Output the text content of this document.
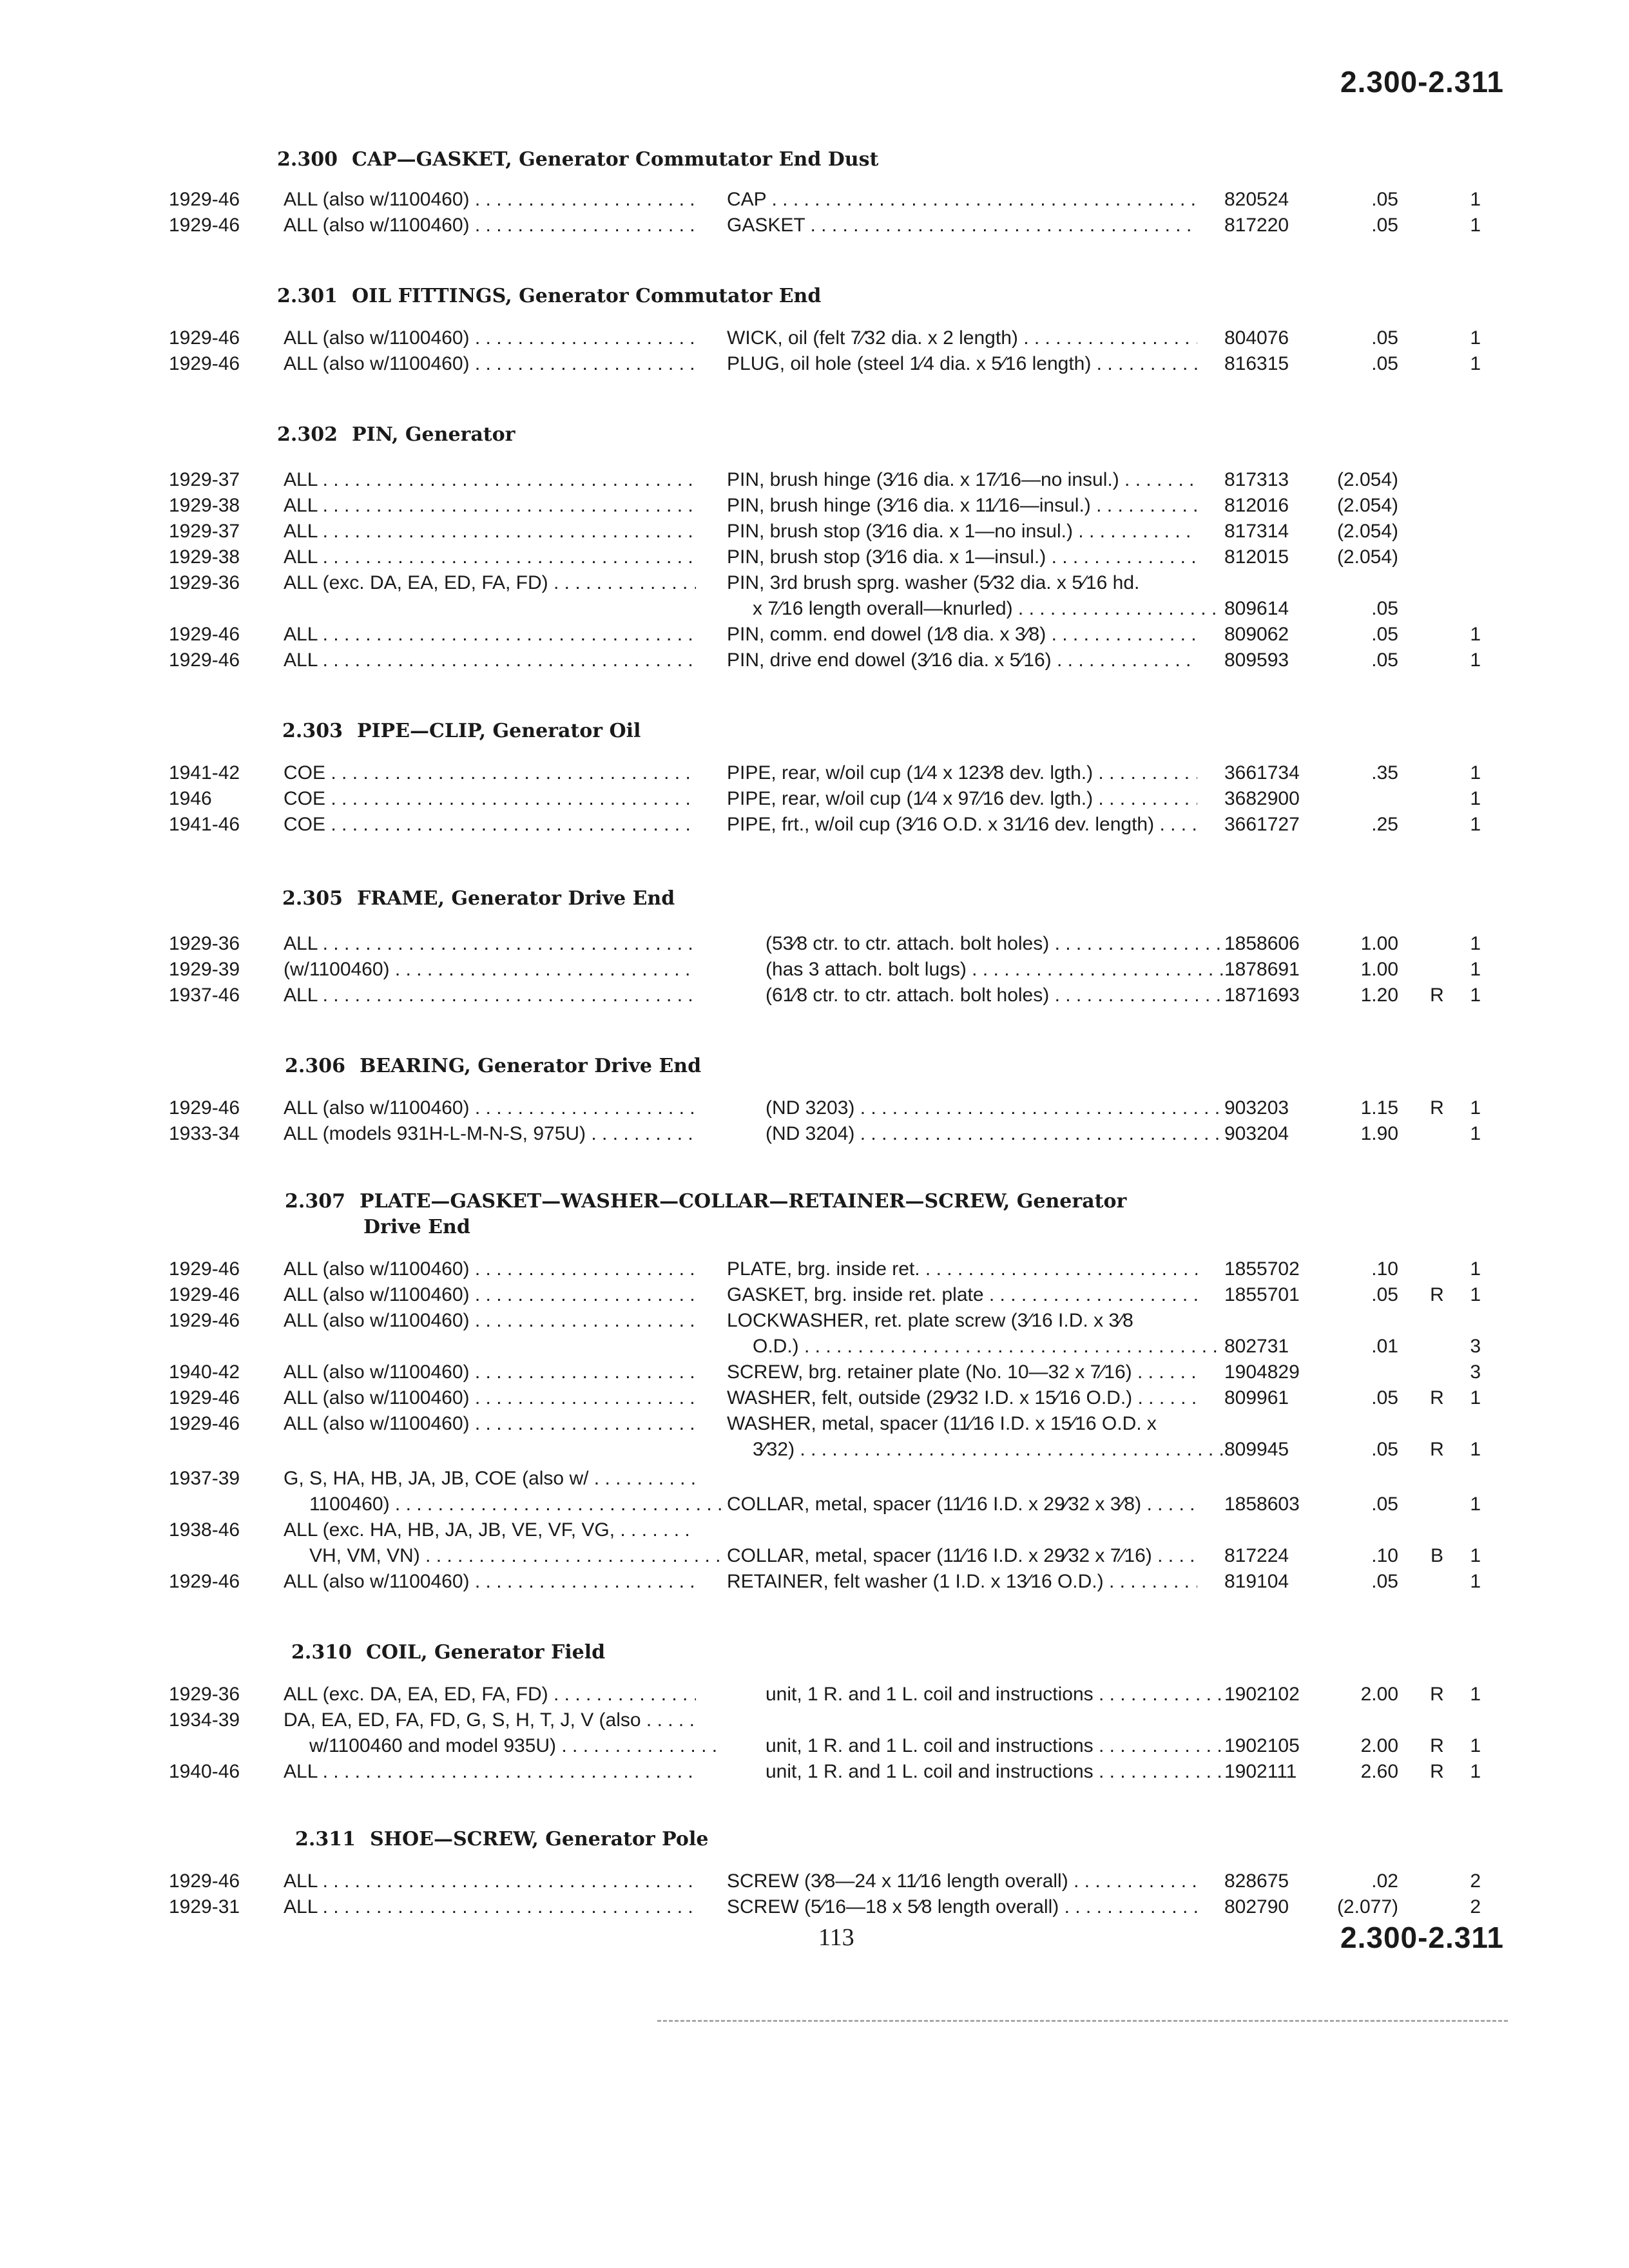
2.300-2.311
2.300 CAP—GASKET, Generator Commutator End Dust
1929-46	ALL (also w/1100460) . . .	CAP . . .	820524	.05	1
1929-46	ALL (also w/1100460) . . .	GASKET . . .	817220	.05	1
2.301 OIL FITTINGS, Generator Commutator End
1929-46	ALL (also w/1100460) . . .	WICK, oil (felt 7⁄32 dia. x 2 length) . . .	804076	.05	1
1929-46	ALL (also w/1100460) . . .	PLUG, oil hole (steel 1⁄4 dia. x 5⁄16 length) . . .	816315	.05	1
2.302 PIN, Generator
1929-37	ALL . . .	PIN, brush hinge (3⁄16 dia. x 17⁄16—no insul.) . . .	817313	(2.054)
1929-38	ALL . . .	PIN, brush hinge (3⁄16 dia. x 11⁄16—insul.) . . .	812016	(2.054)
1929-37	ALL . . .	PIN, brush stop (3⁄16 dia. x 1—no insul.) . . .	817314	(2.054)
1929-38	ALL . . .	PIN, brush stop (3⁄16 dia. x 1—insul.) . . .	812015	(2.054)
1929-36	ALL (exc. DA, EA, ED, FA, FD) . . .	PIN, 3rd brush sprg. washer (5⁄32 dia. x 5⁄16 hd.
x 7⁄16 length overall—knurled) . . .	809614	.05
1929-46	ALL . . .	PIN, comm. end dowel (1⁄8 dia. x 3⁄8) . . .	809062	.05	1
1929-46	ALL . . .	PIN, drive end dowel (3⁄16 dia. x 5⁄16) . . .	809593	.05	1
2.303 PIPE—CLIP, Generator Oil
1941-42	COE . . .	PIPE, rear, w/oil cup (1⁄4 x 123⁄8 dev. lgth.) . . .	3661734	.35	1
1946	COE . . .	PIPE, rear, w/oil cup (1⁄4 x 97⁄16 dev. lgth.) . . .	3682900	1
1941-46	COE . . .	PIPE, frt., w/oil cup (3⁄16 O.D. x 31⁄16 dev. length) . . .	3661727	.25	1
2.305 FRAME, Generator Drive End
1929-36	ALL . . .	(53⁄8 ctr. to ctr. attach. bolt holes) . . .	1858606	1.00	1
1929-39	(w/1100460) . . .	(has 3 attach. bolt lugs) . . .	1878691	1.00	1
1937-46	ALL . . .	(61⁄8 ctr. to ctr. attach. bolt holes) . . .	1871693	1.20 R	1
2.306 BEARING, Generator Drive End
1929-46	ALL (also w/1100460) . . .	(ND 3203) . . .	903203	1.15 R	1
1933-34	ALL (models 931H-L-M-N-S, 975U) . . .	(ND 3204) . . .	903204	1.90	1
2.307 PLATE—GASKET—WASHER—COLLAR—RETAINER—SCREW, Generator
Drive End
1929-46	ALL (also w/1100460) . . .	PLATE, brg. inside ret. . . .	1855702	.10	1
1929-46	ALL (also w/1100460) . . .	GASKET, brg. inside ret. plate . . .	1855701	.05 R	1
1929-46	ALL (also w/1100460) . . .	LOCKWASHER, ret. plate screw (3⁄16 I.D. x 3⁄8
O.D.) . . .	802731	.01	3
1940-42	ALL (also w/1100460) . . .	SCREW, brg. retainer plate (No. 10—32 x 7⁄16) . . .	1904829	3
1929-46	ALL (also w/1100460) . . .	WASHER, felt, outside (29⁄32 I.D. x 15⁄16 O.D.) . . .	809961	.05 R	1
1929-46	ALL (also w/1100460) . . .	WASHER, metal, spacer (11⁄16 I.D. x 15⁄16 O.D. x
3⁄32) . . .	809945	.05 R	1
1937-39	G, S, HA, HB, JA, JB, COE (also w/ . . .
1100460) . . .	COLLAR, metal, spacer (11⁄16 I.D. x 29⁄32 x 3⁄8) . . .	1858603	.05	1
1938-46	ALL (exc. HA, HB, JA, JB, VE, VF, VG, . . .
VH, VM, VN) . . .	COLLAR, metal, spacer (11⁄16 I.D. x 29⁄32 x 7⁄16) . . .	817224	.10 B	1
1929-46	ALL (also w/1100460) . . .	RETAINER, felt washer (1 I.D. x 13⁄16 O.D.) . . .	819104	.05	1
2.310 COIL, Generator Field
1929-36	ALL (exc. DA, EA, ED, FA, FD) . . .	unit, 1 R. and 1 L. coil and instructions . . .	1902102	2.00 R	1
1934-39	DA, EA, ED, FA, FD, G, S, H, T, J, V (also . . .
w/1100460 and model 935U) . . .	unit, 1 R. and 1 L. coil and instructions . . .	1902105	2.00 R	1
1940-46	ALL . . .	unit, 1 R. and 1 L. coil and instructions . . .	1902111	2.60 R	1
2.311 SHOE—SCREW, Generator Pole
1929-46	ALL . . .	SCREW (3⁄8—24 x 11⁄16 length overall) . . .	828675	.02	2
1929-31	ALL . . .	SCREW (5⁄16—18 x 5⁄8 length overall) . . .	802790	(2.077)	2
113	2.300-2.311
